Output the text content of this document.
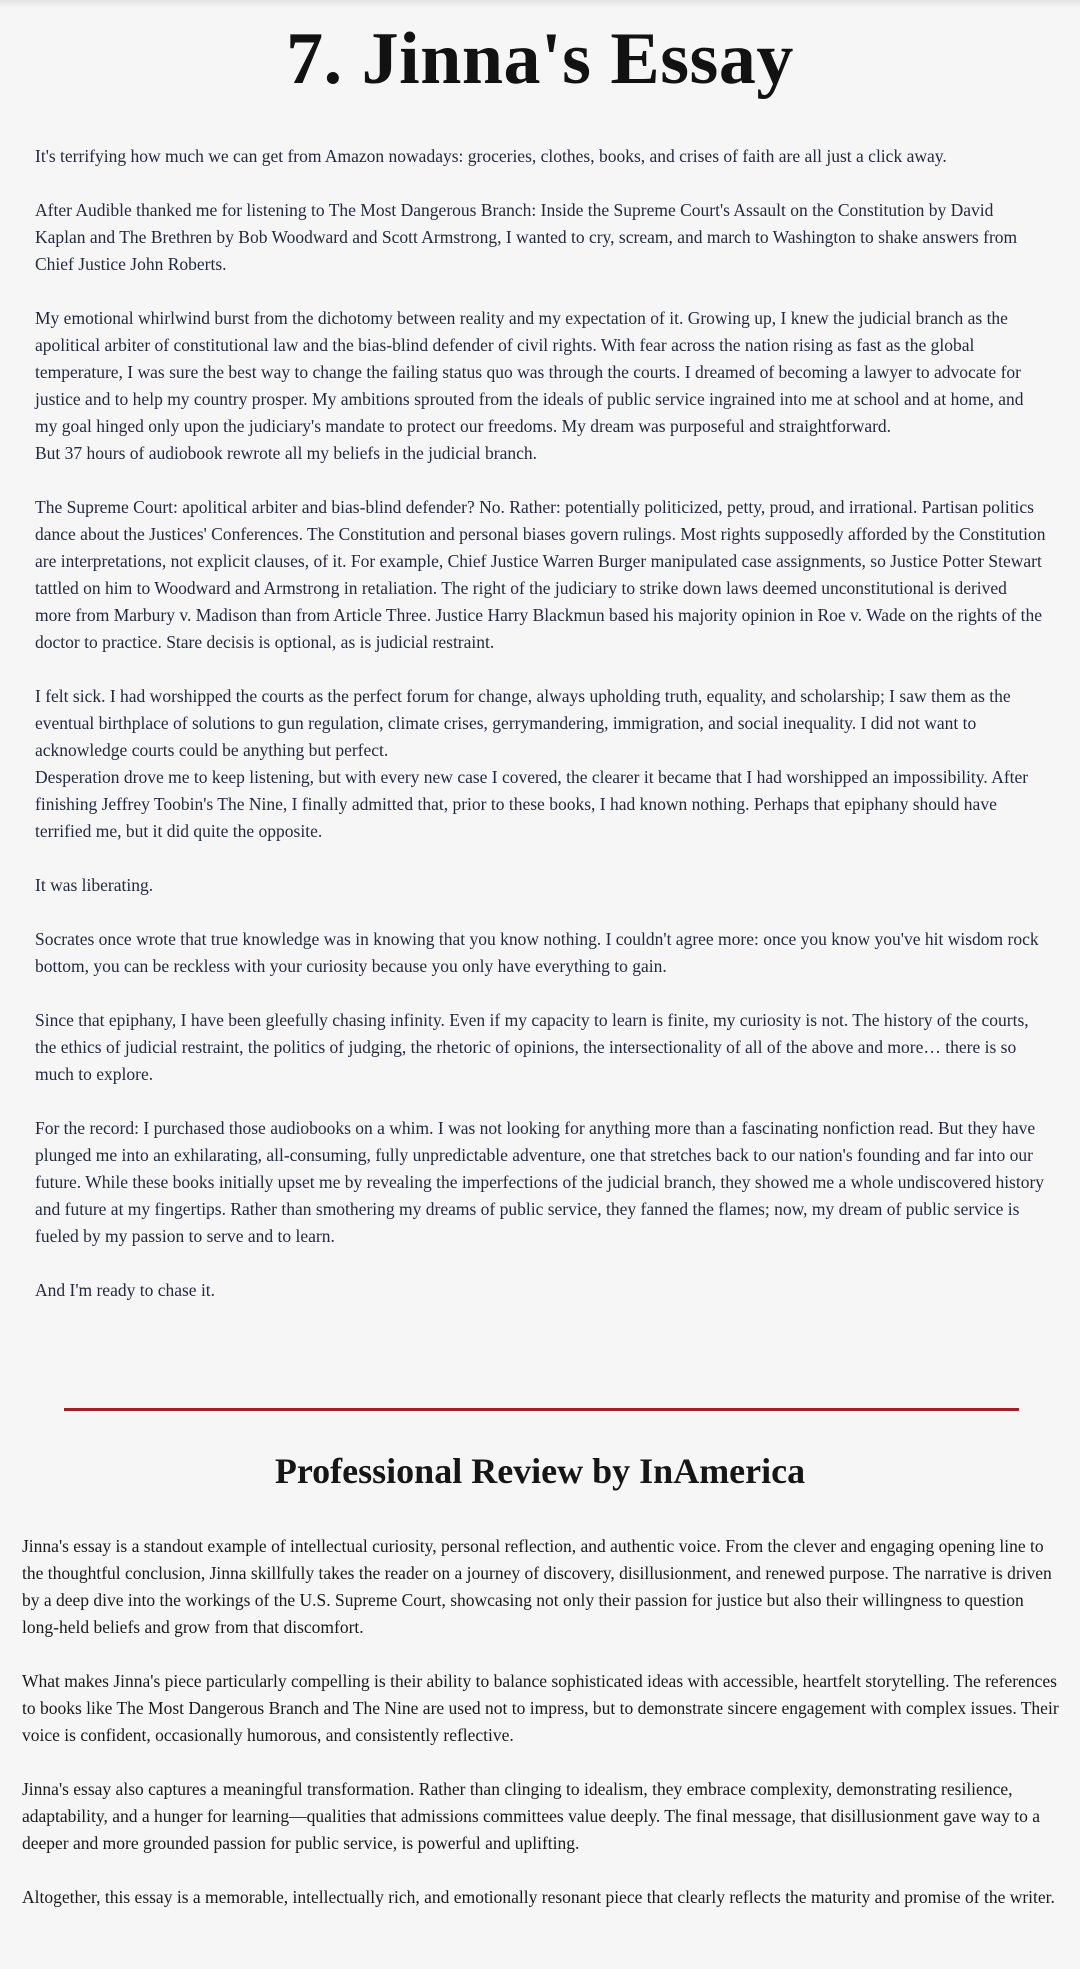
7. Jinna's Essay

It's terrifying how much we can get from Amazon nowadays: groceries, clothes, books, and crises of faith are all just a click away.

After Audible thanked me for listening to The Most Dangerous Branch: Inside the Supreme Court's Assault on the Constitution by David Kaplan and The Brethren by Bob Woodward and Scott Armstrong, I wanted to cry, scream, and march to Washington to shake answers from Chief Justice John Roberts.

My emotional whirlwind burst from the dichotomy between reality and my expectation of it. Growing up, I knew the judicial branch as the apolitical arbiter of constitutional law and the bias-blind defender of civil rights. With fear across the nation rising as fast as the global temperature, I was sure the best way to change the failing status quo was through the courts. I dreamed of becoming a lawyer to advocate for justice and to help my country prosper. My ambitions sprouted from the ideals of public service ingrained into me at school and at home, and my goal hinged only upon the judiciary's mandate to protect our freedoms. My dream was purposeful and straightforward.

But 37 hours of audiobook rewrote all my beliefs in the judicial branch.

The Supreme Court: apolitical arbiter and bias-blind defender? No. Rather: potentially politicized, petty, proud, and irrational. Partisan politics dance about the Justices' Conferences. The Constitution and personal biases govern rulings. Most rights supposedly afforded by the Constitution are interpretations, not explicit clauses, of it. For example, Chief Justice Warren Burger manipulated case assignments, so Justice Potter Stewart tattled on him to Woodward and Armstrong in retaliation. The right of the judiciary to strike down laws deemed unconstitutional is derived more from Marbury v. Madison than from Article Three. Justice Harry Blackmun based his majority opinion in Roe v. Wade on the rights of the doctor to practice. Stare decisis is optional, as is judicial restraint.

I felt sick. I had worshipped the courts as the perfect forum for change, always upholding truth, equality, and scholarship; I saw them as the eventual birthplace of solutions to gun regulation, climate crises, gerrymandering, immigration, and social inequality. I did not want to acknowledge courts could be anything but perfect.

Desperation drove me to keep listening, but with every new case I covered, the clearer it became that I had worshipped an impossibility. After finishing Jeffrey Toobin's The Nine, I finally admitted that, prior to these books, I had known nothing. Perhaps that epiphany should have terrified me, but it did quite the opposite.

It was liberating.

Socrates once wrote that true knowledge was in knowing that you know nothing. I couldn't agree more: once you know you've hit wisdom rock bottom, you can be reckless with your curiosity because you only have everything to gain.

Since that epiphany, I have been gleefully chasing infinity. Even if my capacity to learn is finite, my curiosity is not. The history of the courts, the ethics of judicial restraint, the politics of judging, the rhetoric of opinions, the intersectionality of all of the above and more… there is so much to explore.

For the record: I purchased those audiobooks on a whim. I was not looking for anything more than a fascinating nonfiction read. But they have plunged me into an exhilarating, all-consuming, fully unpredictable adventure, one that stretches back to our nation's founding and far into our future. While these books initially upset me by revealing the imperfections of the judicial branch, they showed me a whole undiscovered history and future at my fingertips. Rather than smothering my dreams of public service, they fanned the flames; now, my dream of public service is fueled by my passion to serve and to learn.

And I'm ready to chase it.

Professional Review by InAmerica

Jinna's essay is a standout example of intellectual curiosity, personal reflection, and authentic voice. From the clever and engaging opening line to the thoughtful conclusion, Jinna skillfully takes the reader on a journey of discovery, disillusionment, and renewed purpose. The narrative is driven by a deep dive into the workings of the U.S. Supreme Court, showcasing not only their passion for justice but also their willingness to question long-held beliefs and grow from that discomfort.

What makes Jinna's piece particularly compelling is their ability to balance sophisticated ideas with accessible, heartfelt storytelling. The references to books like The Most Dangerous Branch and The Nine are used not to impress, but to demonstrate sincere engagement with complex issues. Their voice is confident, occasionally humorous, and consistently reflective.

Jinna's essay also captures a meaningful transformation. Rather than clinging to idealism, they embrace complexity, demonstrating resilience, adaptability, and a hunger for learning—qualities that admissions committees value deeply. The final message, that disillusionment gave way to a deeper and more grounded passion for public service, is powerful and uplifting.

Altogether, this essay is a memorable, intellectually rich, and emotionally resonant piece that clearly reflects the maturity and promise of the writer.
